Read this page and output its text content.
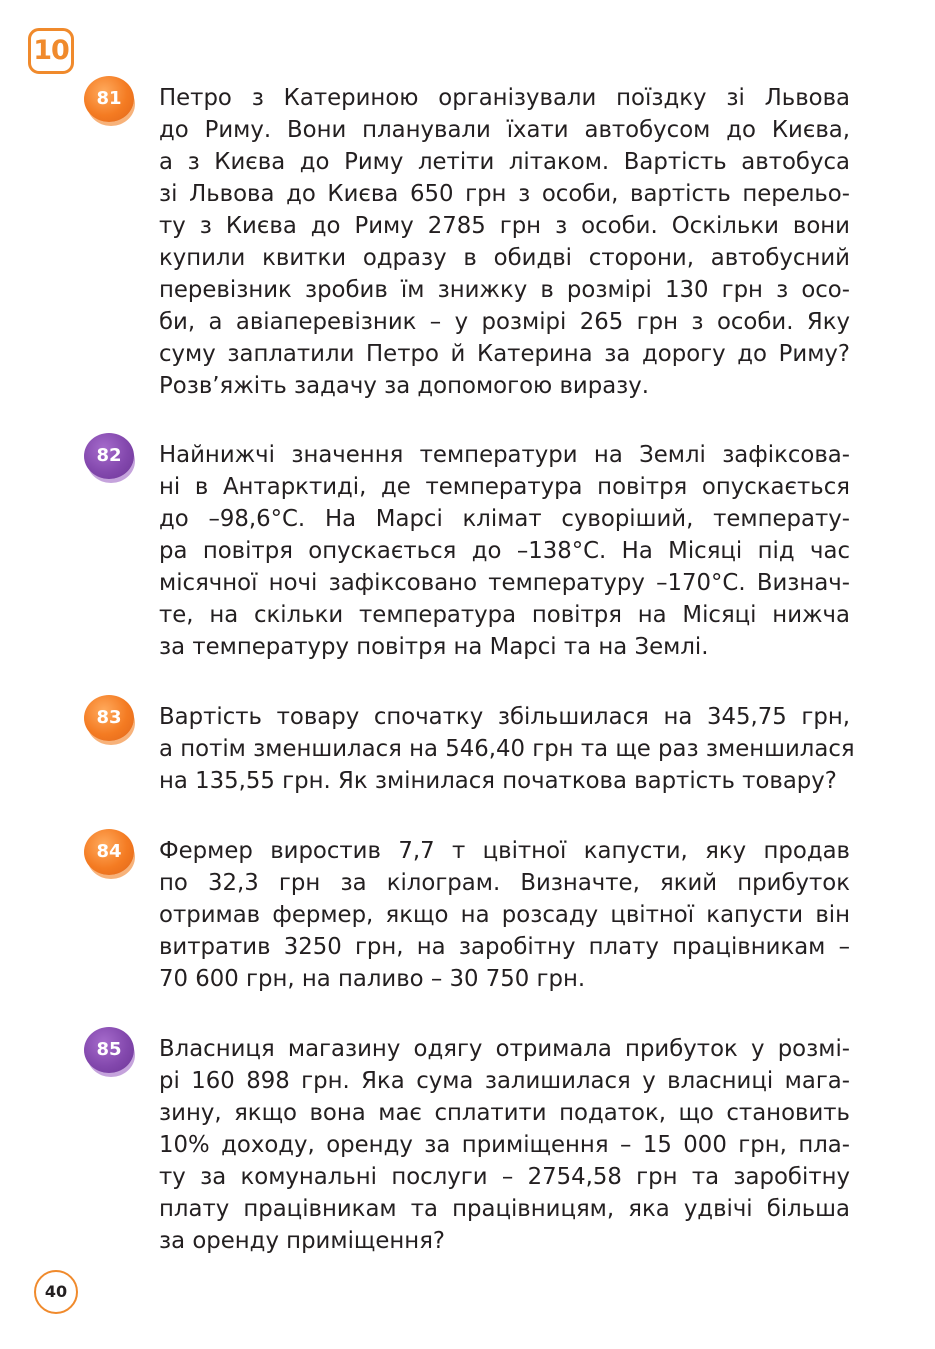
10
81	Петро з Катериною організували поїздку зі Львова
до Риму. Вони планували їхати автобусом до Києва,
а з Києва до Риму летіти літаком. Вартість автобуса
зі Львова до Києва 650 грн з особи, вартість перельо-
ту з Києва до Риму 2785 грн з особи. Оскільки вони
купили квитки одразу в обидві сторони, автобусний
перевізник зробив їм знижку в розмірі 130 грн з осо-
би, а авіаперевізник – у розмірі 265 грн з особи. Яку
суму заплатили Петро й Катерина за дорогу до Риму?
Розв’яжіть задачу за допомогою виразу.

82	Найнижчі значення температури на Землі зафіксова-
ні в Антарктиді, де температура повітря опускається
до –98,6°С. На Марсі клімат суворіший, температу-
ра повітря опускається до –138°С. На Місяці під час
місячної ночі зафіксовано температуру –170°С. Визнач-
те, на скільки температура повітря на Місяці нижча
за температуру повітря на Марсі та на Землі.

83	Вартість товару спочатку збільшилася на 345,75 грн,
а потім зменшилася на 546,40 грн та ще раз зменшилася
на 135,55 грн. Як змінилася початкова вартість товару?

84	Фермер виростив 7,7 т цвітної капусти, яку продав
по 32,3 грн за кілограм. Визначте, який прибуток
отримав фермер, якщо на розсаду цвітної капусти він
витратив 3250 грн, на заробітну плату працівникам –
70 600 грн, на паливо – 30 750 грн.

85	Власниця магазину одягу отримала прибуток у розмі-
рі 160 898 грн. Яка сума залишилася у власниці мага-
зину, якщо вона має сплатити податок, що становить
10% доходу, оренду за приміщення – 15 000 грн, пла-
ту за комунальні послуги – 2754,58 грн та заробітну
плату працівникам та працівницям, яка удвічі більша
за оренду приміщення?

40
